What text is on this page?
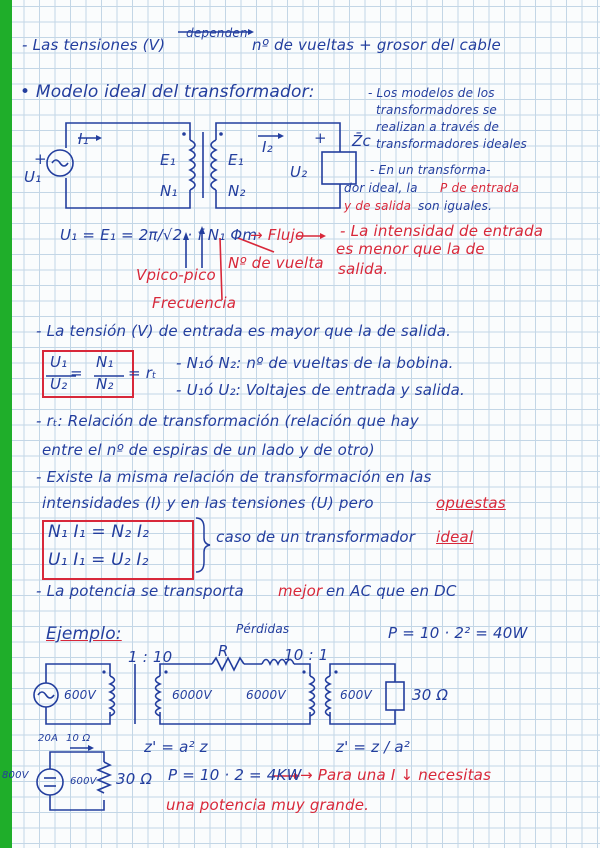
- Las tensiones (V)
dependen
nº de vueltas + grosor del cable
• Modelo ideal del transformador:	- Los modelos de los
transformadores se
realizan a través de
transformadores ideales
- En un transforma-
dor ideal, la P de entrada
y de salida son iguales.
I₁
+
U₁
E₁	E₁
N₁	N₂
I₂
U₂
Z̄c
+
U₁ = E₁ = 2π/√2 · f N₁ Φm
→ Flujo - La intensidad de entrada
es menor que la de
salida.
Vpico-pico
Nº de vuelta
Frecuencia
- La tensión (V) de entrada es mayor que la de salida.
U₁
U₂
=
N₁
N₂
= rₜ
- N₁ó N₂: nº de vueltas de la bobina.
- U₁ó U₂: Voltajes de entrada y salida.
- rₜ: Relación de transformación (relación que hay
entre el nº de espiras de un lado y de otro)
- Existe la misma relación de transformación en las
intensidades (I) y en las tensiones (U) pero	opuestas
N₁ I₁ = N₂ I₂
U₁ I₁ = U₂ I₂
caso de un transformador ideal
- La potencia se transporta mejor en AC que en DC
Ejemplo:	Pérdidas
R
P = 10 · 2² = 40W
1 : 10	10 : 1
600V	6000V	6000V	600V	30 Ω
z' = a² z	z' = z / a²
20A 10 Ω
800V
600V 30 Ω P = 10 · 2 = 4KW
→ Para una I ↓ necesitas
una potencia muy grande.
